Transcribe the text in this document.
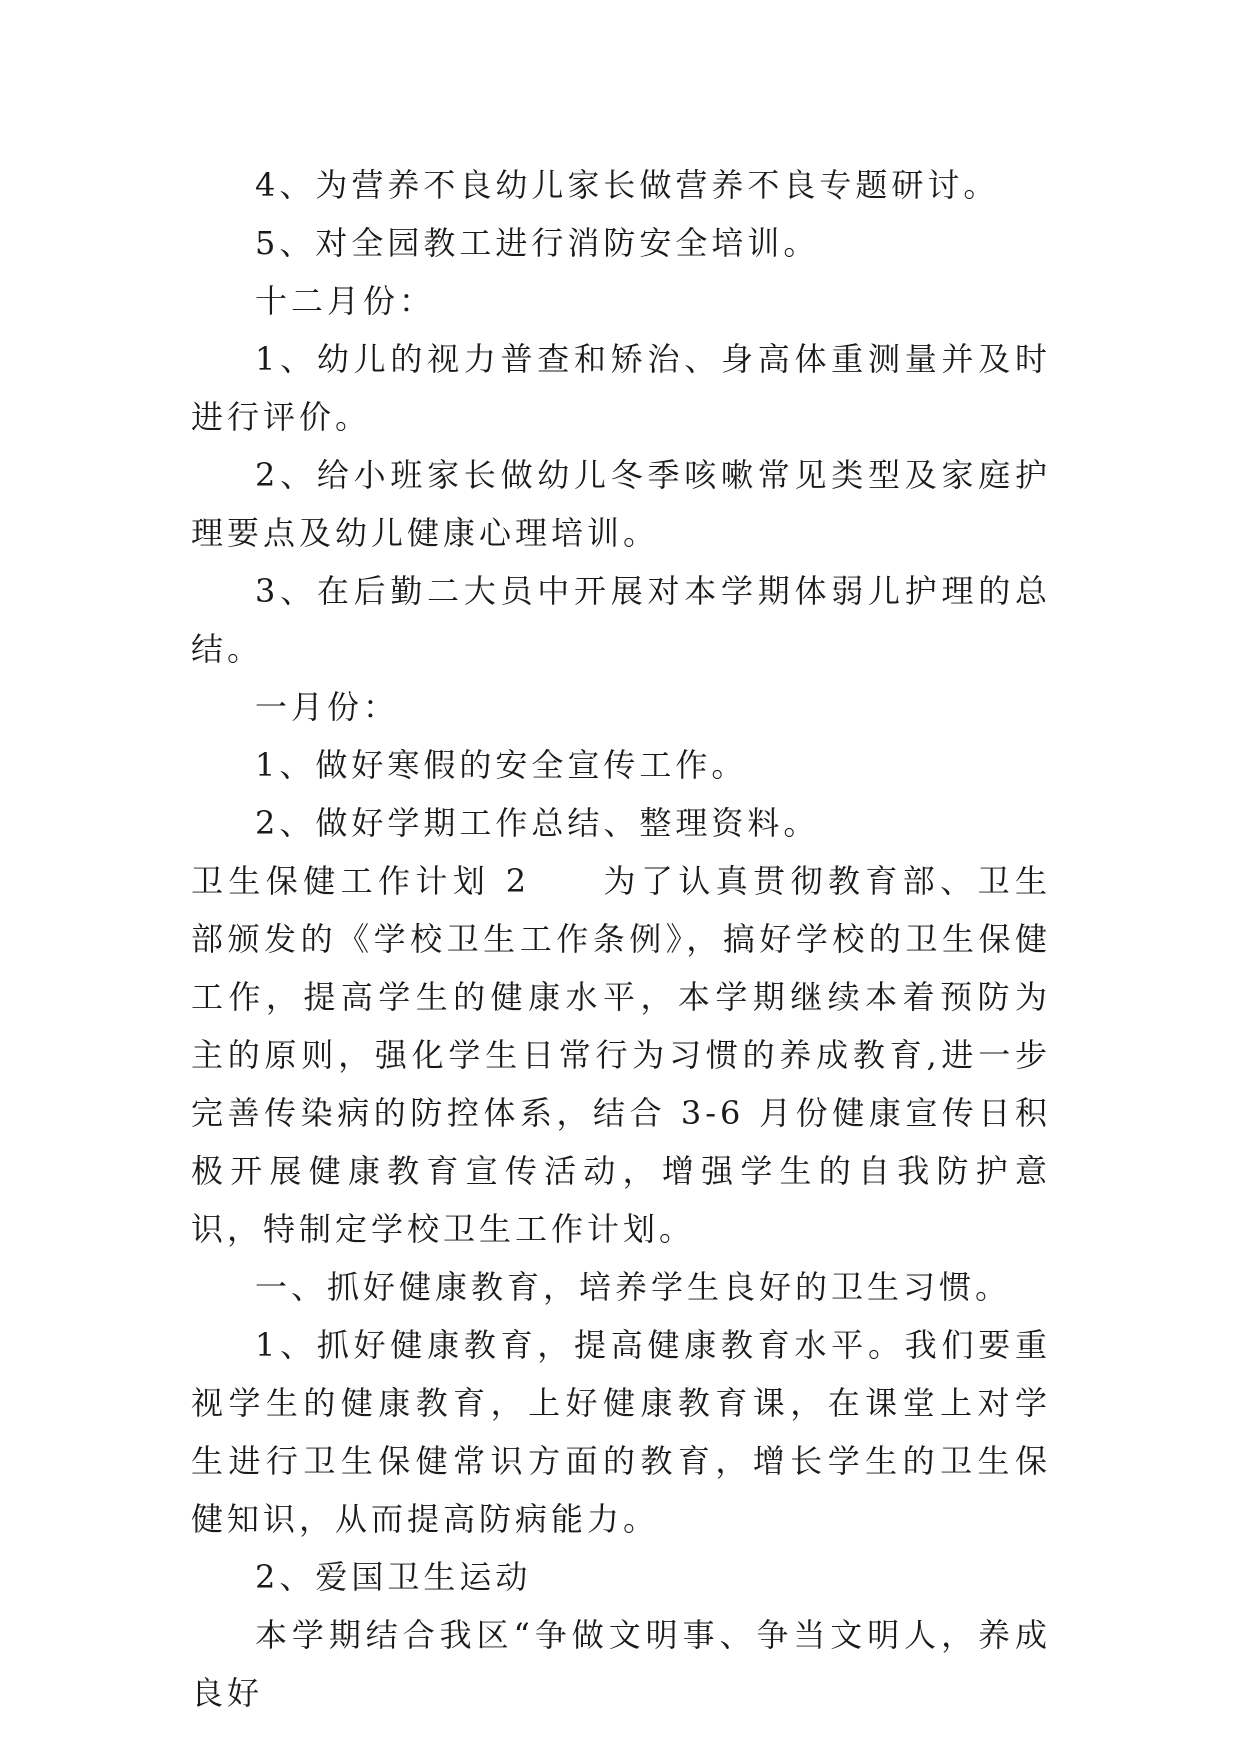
4、为营养不良幼儿家长做营养不良专题研讨。

5、对全园教工进行消防安全培训。

十二月份：

1、幼儿的视力普查和矫治、身高体重测量并及时进行评价。

2、给小班家长做幼儿冬季咳嗽常见类型及家庭护理要点及幼儿健康心理培训。

3、在后勤二大员中开展对本学期体弱儿护理的总结。

一月份：

1、做好寒假的安全宣传工作。

2、做好学期工作总结、整理资料。

卫生保健工作计划 2 为了认真贯彻教育部、卫生部颁发的《学校卫生工作条例》，搞好学校的卫生保健工作，提高学生的健康水平，本学期继续本着预防为主的原则，强化学生日常行为习惯的养成教育,进一步完善传染病的防控体系，结合 3-6 月份健康宣传日积极开展健康教育宣传活动，增强学生的自我防护意识，特制定学校卫生工作计划。

一、抓好健康教育，培养学生良好的卫生习惯。

1、抓好健康教育，提高健康教育水平。我们要重视学生的健康教育，上好健康教育课，在课堂上对学生进行卫生保健常识方面的教育，增长学生的卫生保健知识，从而提高防病能力。

2、爱国卫生运动

本学期结合我区“争做文明事、争当文明人，养成良好
